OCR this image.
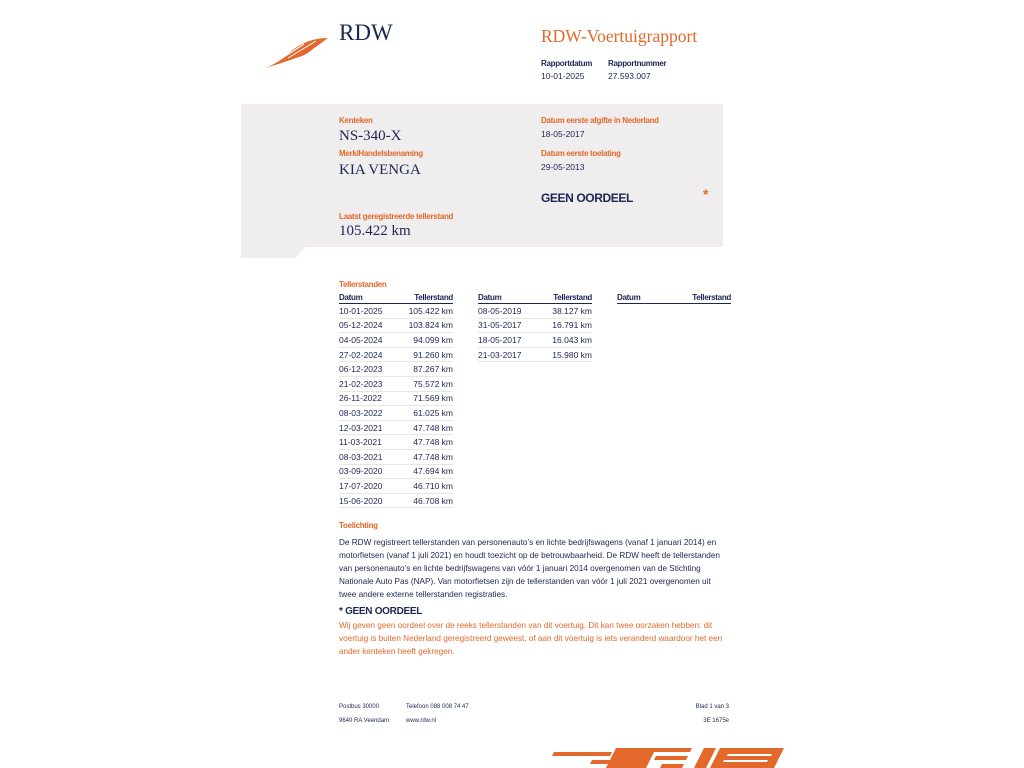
RDW	RDW-Voertuigrapport
Rapportdatum
10-01-2025
Rapportnummer
27.593.007
Kenteken
NS-340-X
Merk/Handelsbenaming
KIA VENGA
Datum eerste afgifte in Nederland
18-05-2017
Datum eerste toelating
29-05-2013
GEEN OORDEEL	*
Laatst geregistreerde tellerstand
105.422 km
Tellerstanden
Datum	Tellerstand
10-01-2025	105.422 km
05-12-2024	103.824 km
04-05-2024	94.099 km
27-02-2024	91.260 km
06-12-2023	87.267 km
21-02-2023	75.572 km
26-11-2022	71.569 km
08-03-2022	61.025 km
12-03-2021	47.748 km
11-03-2021	47.748 km
08-03-2021	47.748 km
03-09-2020	47.694 km
17-07-2020	46.710 km
15-06-2020	46.708 km
Datum	Tellerstand
08-05-2019	38.127 km
31-05-2017	16.791 km
18-05-2017	16.043 km
21-03-2017	15.980 km
Datum	Tellerstand
Toelichting
De RDW registreert tellerstanden van personenauto’s en lichte bedrijfswagens (vanaf 1 januari 2014) en
motorfietsen (vanaf 1 juli 2021) en houdt toezicht op de betrouwbaarheid. De RDW heeft de tellerstanden
van personenauto’s en lichte bedrijfswagens van vóór 1 januari 2014 overgenomen van de Stichting
Nationale Auto Pas (NAP). Van motorfietsen zijn de tellerstanden van vóór 1 juli 2021 overgenomen uit
twee andere externe tellerstanden registraties.
* GEEN OORDEEL
Wij geven geen oordeel over de reeks tellerstanden van dit voertuig. Dit kan twee oorzaken hebben: dit
voertuig is buiten Nederland geregistreerd geweest, of aan dit voertuig is iets veranderd waardoor het een
ander kenteken heeft gekregen.
Postbus 30000
9640 RA Veendam
Telefoon 088 008 74 47
www.rdw.nl
Blad 1 van 3
3E 1675e
